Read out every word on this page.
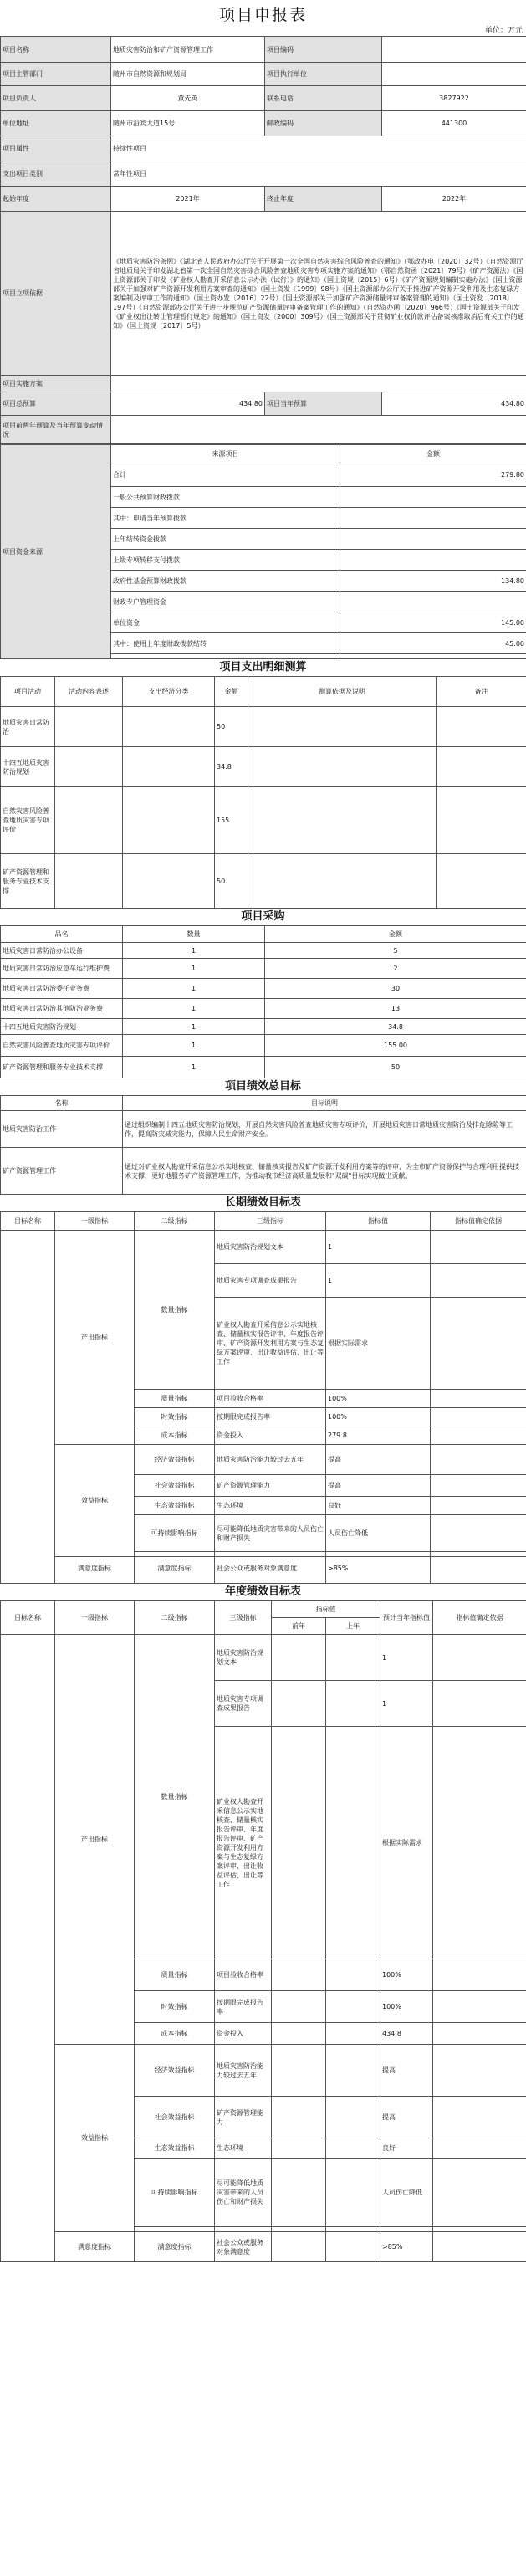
项目申报表
单位：万元
项目名称	地质灾害防治和矿产资源管理工作	项目编码	
项目主管部门	随州市自然资源和规划局	项目执行单位	
项目负责人	黄先英	联系电话	3827922
单位地址	随州市沿宾大道15号	邮政编码	441300
项目属性	持续性项目		
支出项目类别	常年性项目		
起始年度	2021年	终止年度	2022年
项目立项依据	《地质灾害防治条例》《湖北省人民政府办公厅关于开展第一次全国自然灾害综合风险普查的通知》（鄂政办电〔2020〕32号）《自然资源厅省地质局关于印发湖北省第一次全国自然灾害综合风险普查地质灾害专项实施方案的通知》（鄂自然资函〔2021〕79号）《矿产资源法》《国土资源部关于印发《矿业权人勘查开采信息公示办法（试行）》的通知》（国土资规〔2015〕6号）《矿产资源规划编制实施办法》《国土资源部关于加强对矿产资源开发利用方案审查的通知》（国土资发〔1999〕98号）《国土资源部办公厅关于推进矿产资源开发利用及生态复绿方案编制及评审工作的通知》（国土资办发〔2016〕22号）《国土资源部关于加强矿产资源储量评审备案管理的通知》（国土资发〔2018〕197号）《自然资源部办公厅关于进一步规范矿产资源储量评审备案管理工作的通知》（自然资办函〔2020〕966号）《国土资源部关于印发《矿业权出让转让管理暂行规定》的通知》（国土资发〔2000〕309号）《国土资源部关于贯彻矿业权价款评估备案核准取消后有关工作的通知》（国土资规〔2017〕5号）		
项目实施方案			
项目总预算	434.80	项目当年预算	434.80
项目前两年预算及当年预算变动情况			
项目资金来源	来源项目	金额
	合计	279.80
	一般公共预算财政拨款	
	其中：申请当年预算拨款	
	上年结转资金拨款	
	上级专项转移支付拨款	
	政府性基金预算财政拨款	134.80
	财政专户管理资金	
	单位资金	145.00
	其中：使用上年度财政拨款结转	45.00

项目支出明细测算
项目活动	活动内容表述	支出经济分类	金额	测算依据及说明	备注
地质灾害日常防治			50		
十四五地质灾害防治规划			34.8		
自然灾害风险普查地质灾害专项评价			155		
矿产资源管理和服务专业技术支撑			50		
项目采购
品名	数量	金额
地质灾害日常防治办公设备	1	5
地质灾害日常防治应急车运行维护费	1	2
地质灾害日常防治委托业务费	1	30
地质灾害日常防治其他防治业务费	1	13
十四五地质灾害防治规划	1	34.8
自然灾害风险普查地质灾害专项评价	1	155.00
矿产资源管理和服务专业技术支撑	1	50
项目绩效总目标
名称	目标说明
地质灾害防治工作	通过组织编制十四五地质灾害防治规划，开展自然灾害风险普查地质灾害专项评价，开展地质灾害日常地质灾害防治及排危除险等工作，提高防灾减灾能力，保障人民生命财产安全。
矿产资源管理工作	通过对矿业权人勘查开采信息公示实地核查、储量核实报告及矿产资源开发利用方案等的评审，为全市矿产资源保护与合理利用提供技术支撑，更好地服务矿产资源管理工作，为推动我市经济高质量发展和"双碳"目标实现做出贡献。
长期绩效目标表
目标名称	一级指标	二级指标	三级指标	指标值	指标值确定依据
	产出指标	数量指标	地质灾害防治规划文本	1	
			地质灾害专项调查成果报告	1	
			矿业权人勘查开采信息公示实地核查、储量核实报告评审、年度报告评审、矿产资源开发利用方案与生态复绿方案评审、出让收益评估、出让等工作	根据实际需求	
		质量指标	项目验收合格率	100%	
		时效指标	按期限完成报告率	100%	
		成本指标	资金投入	279.8	
	效益指标	经济效益指标	地质灾害防治能力较过去五年	提高	
		社会效益指标	矿产资源管理能力	提高	
		生态效益指标	生态环境	良好	
		可持续影响指标	尽可能降低地质灾害带来的人员伤亡和财产损失	人员伤亡降低	

	满意度指标	满意度指标	社会公众或服务对象满意度	>85%	

年度绩效目标表
目标名称	一级指标	二级指标	三级指标	指标值		预计当年指标值	指标值确定依据
				前年	上年		
	产出指标	数量指标	地质灾害防治规划文本			1	
			地质灾害专项调查成果报告			1	
			矿业权人勘查开采信息公示实地核查、储量核实报告评审、年度报告评审、矿产资源开发利用方案与生态复绿方案评审、出让收益评估、出让等工作			根据实际需求	
		质量指标	项目验收合格率			100%	
		时效指标	按期限完成报告率			100%	
		成本指标	资金投入			434.8	
	效益指标	经济效益指标	地质灾害防治能力较过去五年			提高	
		社会效益指标	矿产资源管理能力			提高	
		生态效益指标	生态环境			良好	
		可持续影响指标	尽可能降低地质灾害带来的人员伤亡和财产损失			人员伤亡降低	

	满意度指标	满意度指标	社会公众或服务对象满意度			>85%	
